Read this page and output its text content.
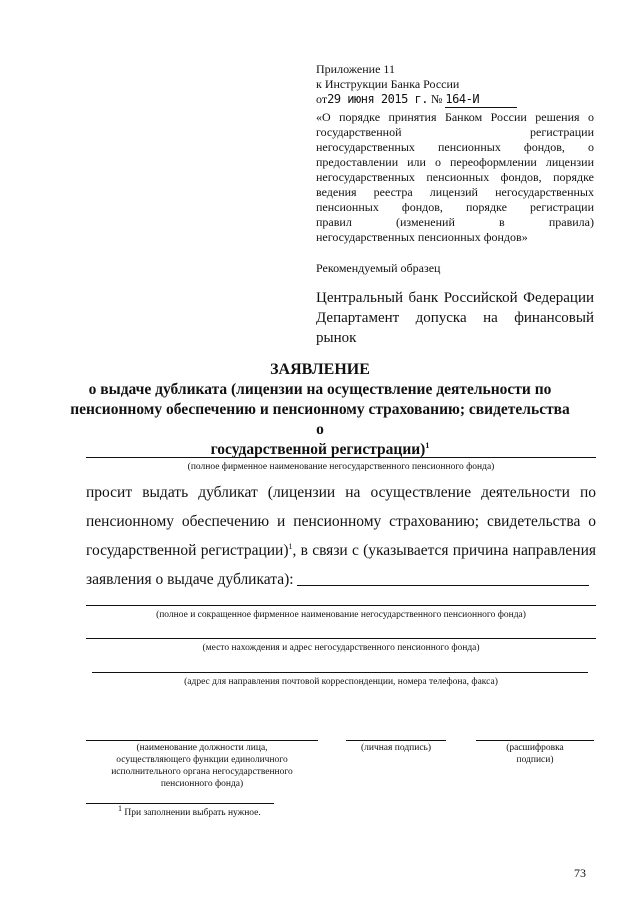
Приложение 11
к Инструкции Банка России
от29 июня 2015 г. № 164-И
«О порядке принятия Банком России решения о
государственной регистрации
негосударственных пенсионных фондов, о
предоставлении или о переоформлении лицензии
негосударственных пенсионных фондов, порядке
ведения реестра лицензий негосударственных
пенсионных фондов, порядке регистрации
правил (изменений в правила)
негосударственных пенсионных фондов»
Рекомендуемый образец
Центральный банк Российской Федерации
Департамент допуска на финансовый
рынок
ЗАЯВЛЕНИЕ
о выдаче дубликата (лицензии на осуществление деятельности по
пенсионному обеспечению и пенсионному страхованию; свидетельства о
государственной регистрации)$^1$
(полное фирменное наименование негосударственного пенсионного фонда)
просит выдать дубликат (лицензии на осуществление деятельности по
пенсионному обеспечению и пенсионному страхованию; свидетельства о
государственной регистрации)$^1$, в связи с (указывается причина направления
заявления о выдаче дубликата):
(полное и сокращенное фирменное наименование негосударственного пенсионного фонда)
(место нахождения и адрес негосударственного пенсионного фонда)
(адрес для направления почтовой корреспонденции, номера телефона, факса)
(наименование должности лица,
осуществляющего функции единоличного
исполнительного органа негосударственного
пенсионного фонда)
(личная подпись)	(расшифровка
подписи)
$^1$ При заполнении выбрать нужное.
73
